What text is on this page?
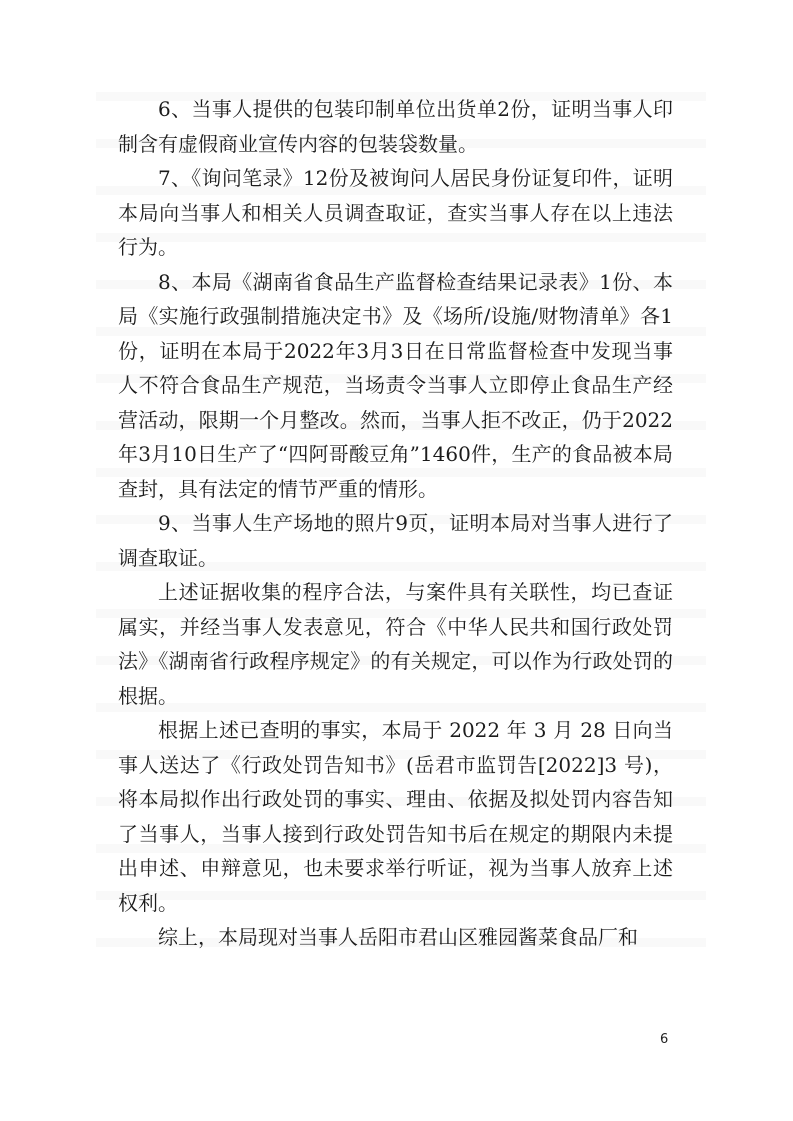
6、当事人提供的包装印制单位出货单2份，证明当事人印制含有虚假商业宣传内容的包装袋数量。

7、《询问笔录》12份及被询问人居民身份证复印件，证明本局向当事人和相关人员调查取证，查实当事人存在以上违法行为。

8、本局《湖南省食品生产监督检查结果记录表》1份、本局《实施行政强制措施决定书》及《场所/设施/财物清单》各1份，证明在本局于2022年3月3日在日常监督检查中发现当事人不符合食品生产规范，当场责令当事人立即停止食品生产经营活动，限期一个月整改。然而，当事人拒不改正，仍于2022年3月10日生产了“四阿哥酸豆角”1460件，生产的食品被本局查封，具有法定的情节严重的情形。

9、当事人生产场地的照片9页，证明本局对当事人进行了调查取证。

上述证据收集的程序合法，与案件具有关联性，均已查证属实，并经当事人发表意见，符合《中华人民共和国行政处罚法》《湖南省行政程序规定》的有关规定，可以作为行政处罚的根据。

根据上述已查明的事实，本局于 2022 年 3 月 28 日向当事人送达了《行政处罚告知书》(岳君市监罚告[2022]3 号)，将本局拟作出行政处罚的事实、理由、依据及拟处罚内容告知了当事人，当事人接到行政处罚告知书后在规定的期限内未提出申述、申辩意见，也未要求举行听证，视为当事人放弃上述权利。

综上，本局现对当事人岳阳市君山区雅园酱菜食品厂和

6
